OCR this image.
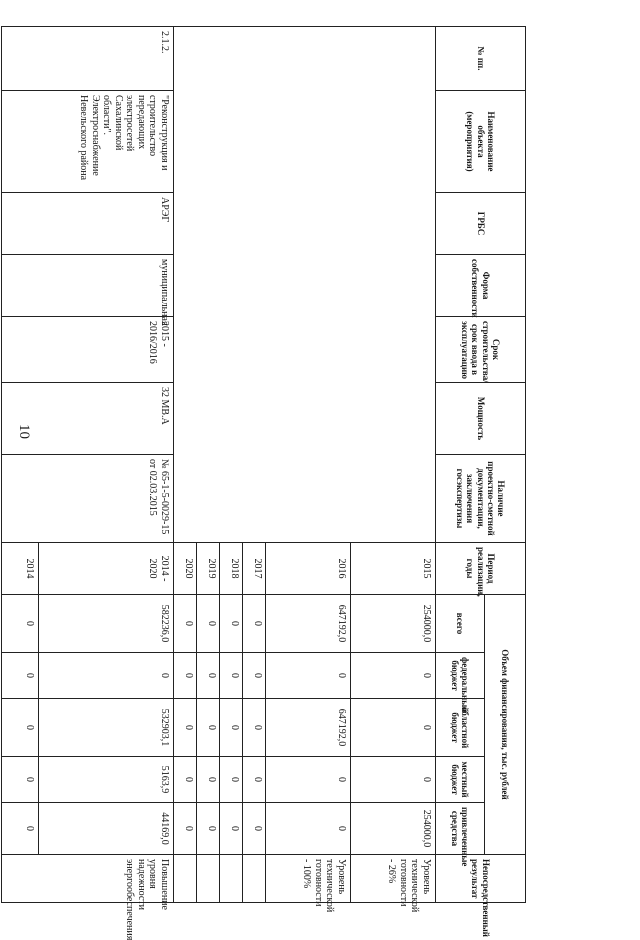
10
№ пп.	Наименование объекта (мероприятия)	ГРБС	Форма собственности	Срок строительства/срок ввода в эксплуатацию	Мощность	Наличие проектно-сметной документации, заключения госэкспертизы	Период реализации, годы	Объем финансирования, тыс. рублей					Непосредственный результат
								всего	федеральный бюджет	областной бюджет	местный бюджет	привлеченные средства	
							2015	254000,0	0	0	0	254000,0	Уровень технической готовности - 26%
							2016	647192,0	0	647192,0	0	0	Уровень технической готовности - 100%
							2017	0	0	0	0	0	
							2018	0	0	0	0	0	
							2019	0	0	0	0	0	
							2020	0	0	0	0	0	
2.1.2.	"Реконструкция и строительство передающих электросетей Сахалинской области". Электроснабжение Невельского района	АРЭГ	муниципальная	2015 - 2016/2016	32 МВ.А	№ 65-1-5-0029-15 от 02.03.2015	2014 - 2020	582236,0	0	532903,1	5163,9	44169,0	Повышение уровня надежности энергообеспечения
							2014	0	0	0	0	0	
